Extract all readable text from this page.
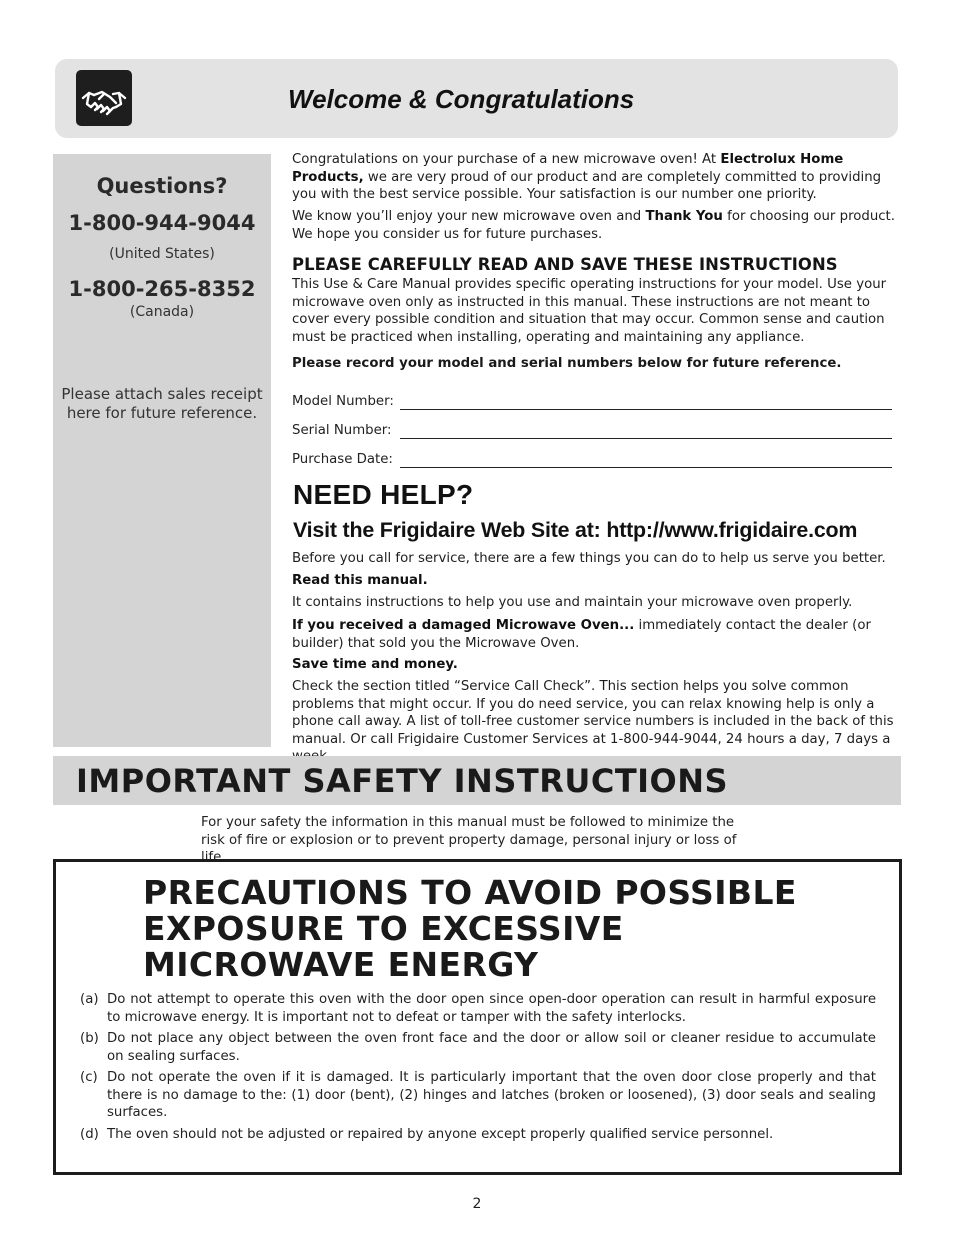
Welcome & Congratulations
Questions?
1-800-944-9044
(United States)
1-800-265-8352
(Canada)
Please attach sales receipt here for future reference.

Congratulations on your purchase of a new microwave oven! At Electrolux Home Products, we are very proud of our product and are completely committed to providing you with the best service possible. Your satisfaction is our number one priority.

We know you’ll enjoy your new microwave oven and Thank You for choosing our product. We hope you consider us for future purchases.

PLEASE CAREFULLY READ AND SAVE THESE INSTRUCTIONS
This Use & Care Manual provides specific operating instructions for your model. Use your microwave oven only as instructed in this manual. These instructions are not meant to cover every possible condition and situation that may occur. Common sense and caution must be practiced when installing, operating and maintaining any appliance.
Please record your model and serial numbers below for future reference.
Model Number:
Serial Number:
Purchase Date:
NEED HELP?
Visit the Frigidaire Web Site at: http://www.frigidaire.com
Before you call for service, there are a few things you can do to help us serve you better.
Read this manual.
It contains instructions to help you use and maintain your microwave oven properly.

If you received a damaged Microwave Oven... immediately contact the dealer (or builder) that sold you the Microwave Oven.

Save time and money.
Check the section titled “Service Call Check”. This section helps you solve common problems that might occur. If you do need service, you can relax knowing help is only a phone call away. A list of toll-free customer service numbers is included in the back of this manual. Or call Frigidaire Customer Services at 1-800-944-9044, 24 hours a day, 7 days a
IMPORTANT SAFETY INSTRUCTIONS
For your safety the information in this manual must be followed to minimize the risk of fire or explosion or to prevent property damage, personal injury or loss of life.
PRECAUTIONS TO AVOID POSSIBLE
EXPOSURE TO EXCESSIVE
MICROWAVE ENERGY
(a) Do not attempt to operate this oven with the door open since open-door operation can result in harmful exposure to microwave energy. It is important not to defeat or tamper with the safety interlocks.
(b) Do not place any object between the oven front face and the door or allow soil or cleaner residue to accumulate on sealing surfaces.
(c) Do not operate the oven if it is damaged. It is particularly important that the oven door close properly and that there is no damage to the: (1) door (bent), (2) hinges and latches (broken or loosened), (3) door seals and sealing surfaces.
(d) The oven should not be adjusted or repaired by anyone except properly qualified service personnel.
2
